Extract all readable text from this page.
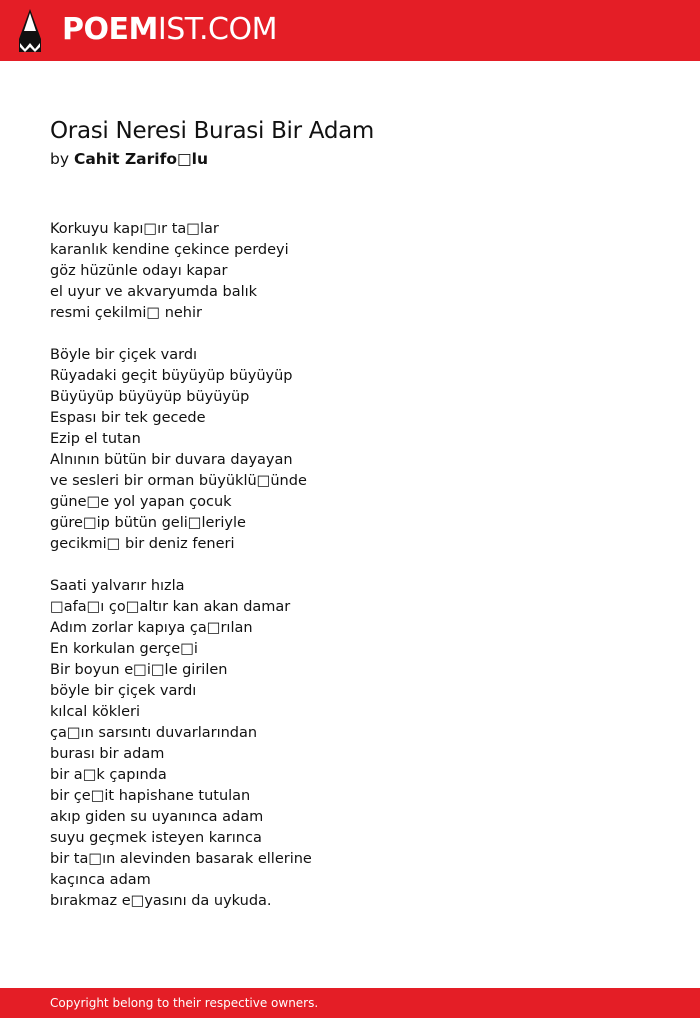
POEMIST.COM
Orasi Neresi Burasi Bir Adam
by Cahit Zarifo□lu
Korkuyu kapı□ır ta□lar
karanlık kendine çekince perdeyi
göz hüzünle odayı kapar
el uyur ve akvaryumda balık
resmi çekilmi□ nehir
Böyle bir çiçek vardı
Rüyadaki geçit büyüyüp büyüyüp
Büyüyüp büyüyüp büyüyüp
Espası bir tek gecede
Ezip el tutan
Alnının bütün bir duvara dayayan
ve sesleri bir orman büyüklü□ünde
güne□e yol yapan çocuk
güre□ip bütün geli□leriyle
gecikmi□ bir deniz feneri
Saati yalvarır hızla
□afa□ı ço□altır kan akan damar
Adım zorlar kapıya ça□rılan
En korkulan gerçe□i
Bir boyun e□i□le girilen
böyle bir çiçek vardı
kılcal kökleri
ça□ın sarsıntı duvarlarından
burası bir adam
bir a□k çapında
bir çe□it hapishane tutulan
akıp giden su uyanınca adam
suyu geçmek isteyen karınca
bir ta□ın alevinden basarak ellerine
kaçınca adam
bırakmaz e□yasını da uykuda.
Copyright belong to their respective owners.
